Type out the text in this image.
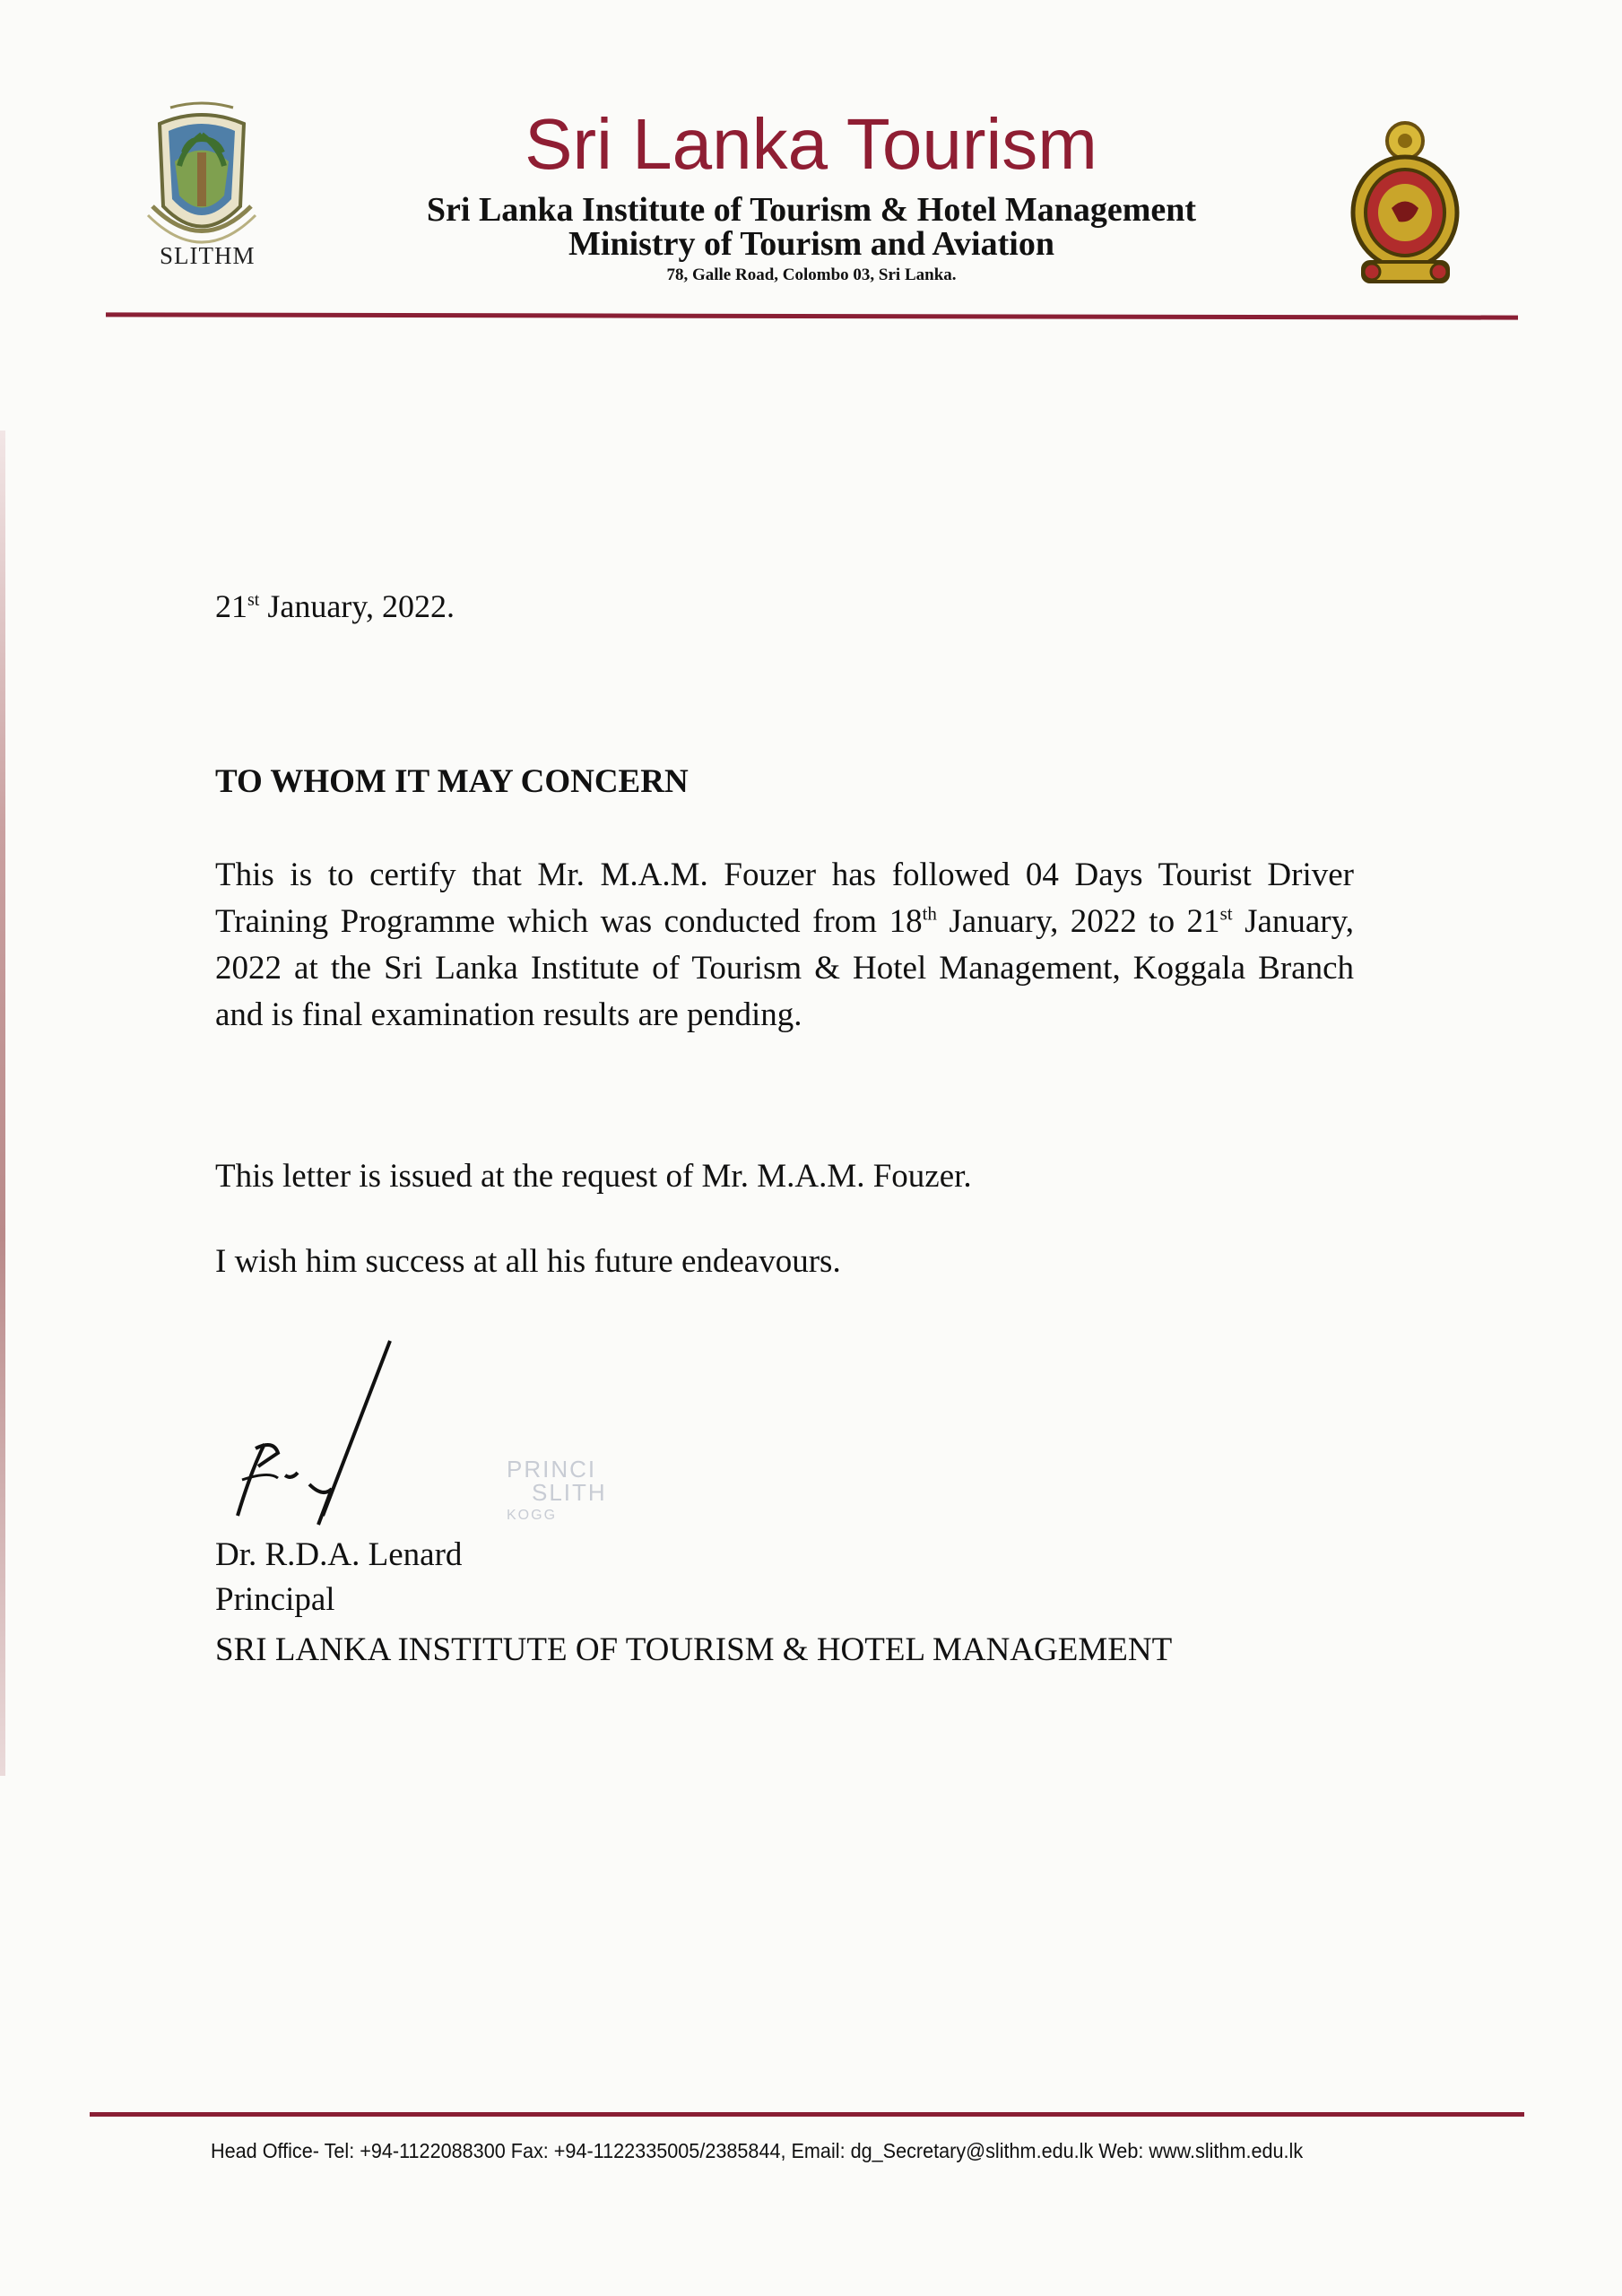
SLITHM
Sri Lanka Tourism
Sri Lanka Institute of Tourism & Hotel Management
Ministry of Tourism and Aviation
78, Galle Road, Colombo 03, Sri Lanka.
21st January, 2022.
TO WHOM IT MAY CONCERN
This is to certify that Mr. M.A.M. Fouzer has followed 04 Days Tourist Driver Training Programme which was conducted from 18th January, 2022 to 21st January, 2022 at the Sri Lanka Institute of Tourism & Hotel Management, Koggala Branch and is final examination results are pending.
This letter is issued at the request of Mr. M.A.M. Fouzer.
I wish him success at all his future endeavours.
PRINCI
SLITH
KOGG
Dr. R.D.A. Lenard
Principal
SRI LANKA INSTITUTE OF TOURISM & HOTEL MANAGEMENT
Head Office- Tel: +94-1122088300 Fax: +94-1122335005/2385844, Email: dg_Secretary@slithm.edu.lk Web: www.slithm.edu.lk
